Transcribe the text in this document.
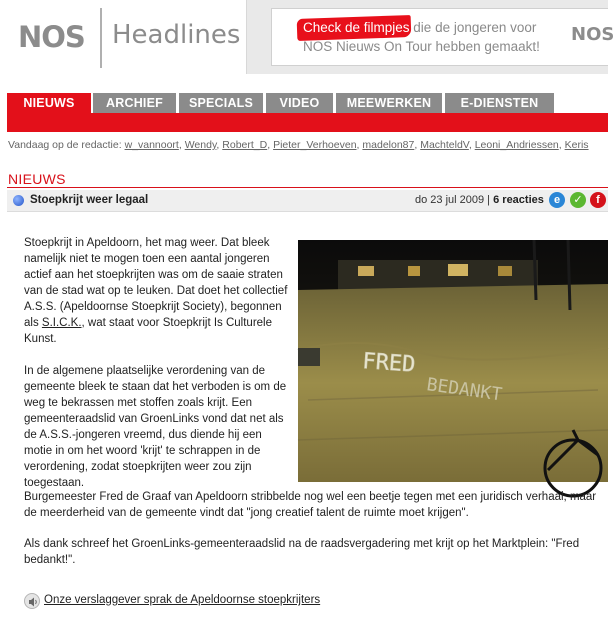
NOS Headlines	Check de filmpjes die de jongeren voor
NOS Nieuws On Tour hebben gemaakt!
NOS
NIEUWS	ARCHIEF	SPECIALS	VIDEO	MEEWERKEN	E-DIENSTEN
Vandaag op de redactie: w_vannoort, Wendy, Robert_D, Pieter_Verhoeven, madelon87, MachteldV, Leoni_Andriessen, Keris
NIEUWS
Stoepkrijt weer legaal	do 23 jul 2009 | 6 reacties e	✓	f

Stoepkrijt in Apeldoorn, het mag weer. Dat bleek namelijk niet te mogen toen een aantal jongeren actief aan het stoepkrijten was om de saaie straten van de stad wat op te leuken. Dat doet het collectief A.S.S. (Apeldoornse Stoepkrijt Society), begonnen als S.I.C.K., wat staat voor Stoepkrijt Is Culturele Kunst.

In de algemene plaatselijke verordening van de gemeente bleek te staan dat het verboden is om de weg te bekrassen met stoffen zoals krijt. Een gemeenteraadslid van GroenLinks vond dat net als de A.S.S.-jongeren vreemd, dus diende hij een motie in om het woord 'krijt' te schrappen in de verordening, zodat stoepkrijten weer zou zijn toegestaan.

FRED
BEDANKT

Burgemeester Fred de Graaf van Apeldoorn stribbelde nog wel een beetje tegen met een juridisch verhaal, maar de meerderheid van de gemeente vindt dat "jong creatief talent de ruimte moet krijgen".

Als dank schreef het GroenLinks-gemeenteraadslid na de raadsvergadering met krijt op het Marktplein: "Fred bedankt!".

Onze verslaggever sprak de Apeldoornse stoepkrijters
